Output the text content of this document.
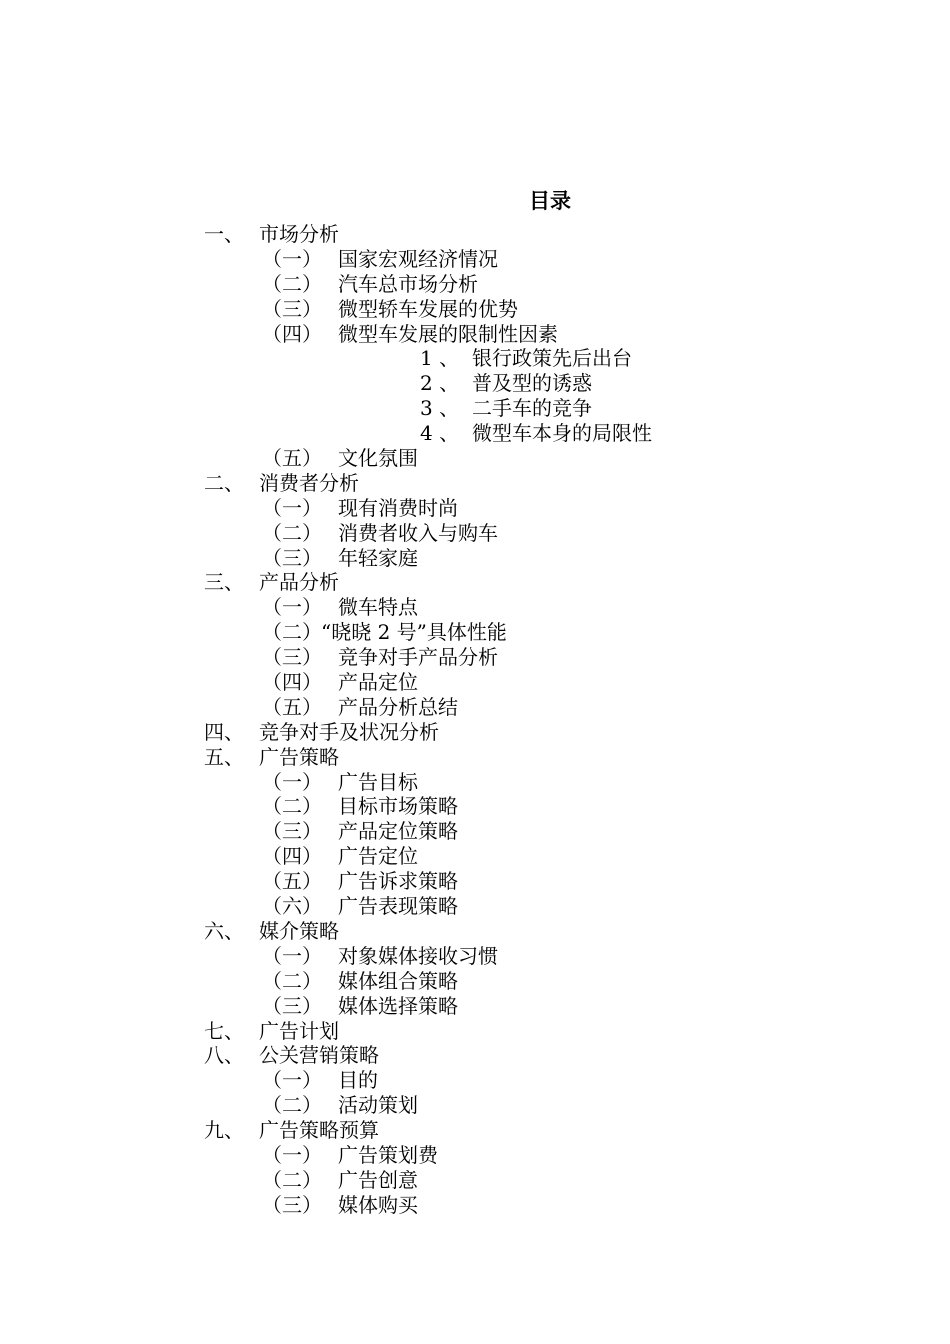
目录
一、 市场分析
（一） 国家宏观经济情况
（二） 汽车总市场分析
（三） 微型轿车发展的优势
（四） 微型车发展的限制性因素
1 、 银行政策先后出台
2 、 普及型的诱惑
3 、 二手车的竞争
4 、 微型车本身的局限性
（五） 文化氛围
二、 消费者分析
（一） 现有消费时尚
（二） 消费者收入与购车
（三） 年轻家庭
三、 产品分析
（一） 微车特点
（二） “晓晓 2 号”具体性能
（三） 竞争对手产品分析
（四） 产品定位
（五） 产品分析总结
四、 竞争对手及状况分析
五、 广告策略
（一） 广告目标
（二） 目标市场策略
（三） 产品定位策略
（四） 广告定位
（五） 广告诉求策略
（六） 广告表现策略
六、 媒介策略
（一） 对象媒体接收习惯
（二） 媒体组合策略
（三） 媒体选择策略
七、 广告计划
八、 公关营销策略
（一） 目的
（二） 活动策划
九、 广告策略预算
（一） 广告策划费
（二） 广告创意
（三） 媒体购买
